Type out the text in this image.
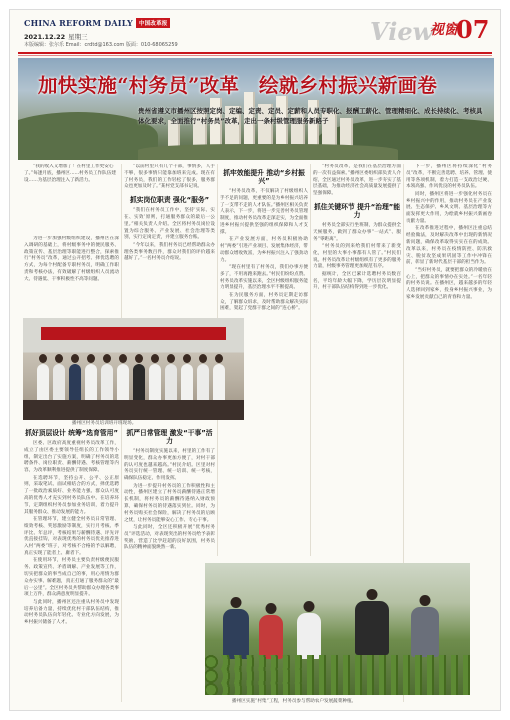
CHINA REFORM DAILY 中国改革报
2021.12.22 星期三
本版编辑：张尔乐 Email：crdtd@163.com 版面：010-68065259	View
视窗
07
加快实施“村务员”改革　绘就乡村振兴新画卷
贵州省遵义市播州区按照定岗、定编、定责、定员、定薪和人员专职化、报酬工薪化、管理精细化、成长持续化、考核具体化要求，全面推行“村务员”改革，走出一条村级管理服务新路子

“我的收入又增加了！在村里工作更安心了。”每逢月底，播州区……村务员工作队伍建设……为基层治理注入了新活力。

为进一步加强村级组织建设，播州区在深入调研的基础上，将村级事务中的便民服务、政策宣传、基层治理等职能进行整合，探索推行“村务员”改革，通过公开招考、择优选聘的方式，为每个村配备专职村务员，明确工作职责和考核办法，有效破解了村级组织人员流动大、待遇低、干事积极性不高等问题。

抓好顶层设计 统筹“选育管用”

区委、区政府高度重视村务员改革工作，成立了由区委主要领导任组长的工作领导小组，制定出台了实施方案，明确了村务员的选聘条件、岗位职责、薪酬待遇、考核管理等内容，为改革顺利推进提供了制度保障。

在选聘环节，坚持公开、公平、公正原则，采取笔试、面试相结合的方式，择优选聘了一批政治素质好、业务能力强、群众认可度高的优秀人才充实到村务员队伍中。在培养环节，定期组织村务员参加业务培训，着力提升其服务群众、推动发展的能力。

在管理环节，建立健全村务员日常管理、绩效考核、奖惩激励等制度，实行月考核、季评比、年总评，考核结果与薪酬待遇、评先评优直接挂钩，对表现优秀的村务员优先推荐进入村“两委”班子，对考核不合格的予以解聘，真正实现了能者上、庸者下。

在使用环节，村务员主要负责村级便民服务、政策宣传、矛盾调解、产业发展等工作，切实把群众的事当成自己的事，用心用情为群众办实事、解难题，真正打通了服务群众的“最后一公里”。全区村务员共帮助群众办理各类事项上万件，群众满意度明显提升。

与此同时，播州区还注重从村务员中发现培养后备力量，持续优化村干部队伍结构，推动村务员队伍向年轻化、专业化方向发展，为乡村振兴储备了人才。

“以前村里只有几个干部，事情多，人手不够，很多事情只能靠加班来完成。现在有了村务员，我们的工作轻松了很多，服务群众也更加及时了。”某村党支部书记说。

抓实岗位职责 强化“服务”

“我们在村务员工作中，坚持‘实际、实在、实效’原则，打通服务群众的最后一公里。”相关负责人介绍。全区将村务员岗位设置为综合服务、产业发展、社会治理等类别，实行定岗定责，并建立服务台账。

“今年以来，我们村务员已经帮助群众办理各类事务数百件，群众对我们的评价越来越好了。”一名村务员介绍说。

抓严日常管理 激发“干事”活力

“村务员制度实施以来，村里的工作有了明显变化，群众办事更加方便了，对村干部的认可度也越来越高。”村民介绍。区里对村务员实行统一管理、统一培训、统一考核，确保队伍稳定、作用发挥。

为进一步提升村务员的工作积极性和主动性，播州区建立了村务员薪酬待遇正常增长机制，将村务员的薪酬待遇纳入财政预算，确保村务员的待遇落实到位。同时，为村务员购买社会保险，解决了村务员的后顾之忧，让村务员能够安心工作、专心干事。

与此同时，全区还积极开展“优秀村务员”评选活动，对表现突出的村务员给予表彰奖励，营造了比学赶超的良好氛围，村务员队伍的精神面貌焕然一新。

抓牢效能提升 推动“乡村振兴”

“村务员改革，不仅解决了村级组织人手不足的问题，更重要的是为乡村振兴培养了一支带不走的人才队伍。”播州区相关负责人表示，下一步，将进一步完善村务员管理制度，推动村务员改革走深走实，为全面推进乡村振兴提供坚强的组织保障和人才支撑。

在产业发展方面，村务员积极协助村“两委”引进产业项目、发展集体经济，带动群众增收致富，为乡村振兴注入了强劲动力。

“现在村里有了村务员，我们办事方便多了，不用再跑来跑去。”村民们纷纷点赞。村务员改革实施以来，全区村级组织服务能力明显提升，基层治理水平不断提高。

在为民服务方面，村务员定期走访群众，了解群众诉求，及时帮助群众解决实际困难，架起了党群干群之间的“连心桥”。

“村务员改革，是我们在基层治理方面的一次有益探索。”播州区委组织部负责人介绍，全区通过村务员改革，进一步夯实了基层基础，为推动经济社会高质量发展提供了坚强保障。

抓住关键环节 提升“治理”能力

村务员全部实行坐班制，为群众提供全天候服务，做到了群众办事“一站式”、服务“零距离”。

“村务员的到来给我们村带来了新变化，村里的大事小事都有人管了。”村民们说。村务员改革让村级组织有了更多的服务力量，村级事务管理更加规范有序。

据统计，全区已累计选聘村务员数百名，平均年龄大幅下降，学历层次明显提升，村干部队伍结构得到进一步优化。

下一步，播州区将持续深化“村务员”改革，不断完善选聘、培养、管理、使用等各项机制，着力打造一支政治过硬、本领高强、作风优良的村务员队伍。

同时，播州区将进一步强化村务员在乡村振兴中的作用，推动村务员在产业发展、生态保护、乡风文明、基层治理等方面发挥更大作用，为绘就乡村振兴新画卷贡献力量。

在改革推进过程中，播州区注重总结经验做法，及时解决改革中出现的新情况新问题，确保改革取得实实在在的成效。改革以来，村务员在疫情防控、防汛救灾、脱贫攻坚成果巩固等工作中冲锋在前，彰显了新时代基层干部的担当作为。

“当好村务员，就要把群众的冷暖放在心上，把群众的事情办在实处。”一名年轻的村务员说。在播州区，越来越多的年轻人选择回到家乡，投身乡村振兴事业，为家乡发展贡献自己的青春和力量。

播州区村务员培训班开班现场。
播州区实施“村集”工程，村务员参与帮助农户发展蔬菜种植。
